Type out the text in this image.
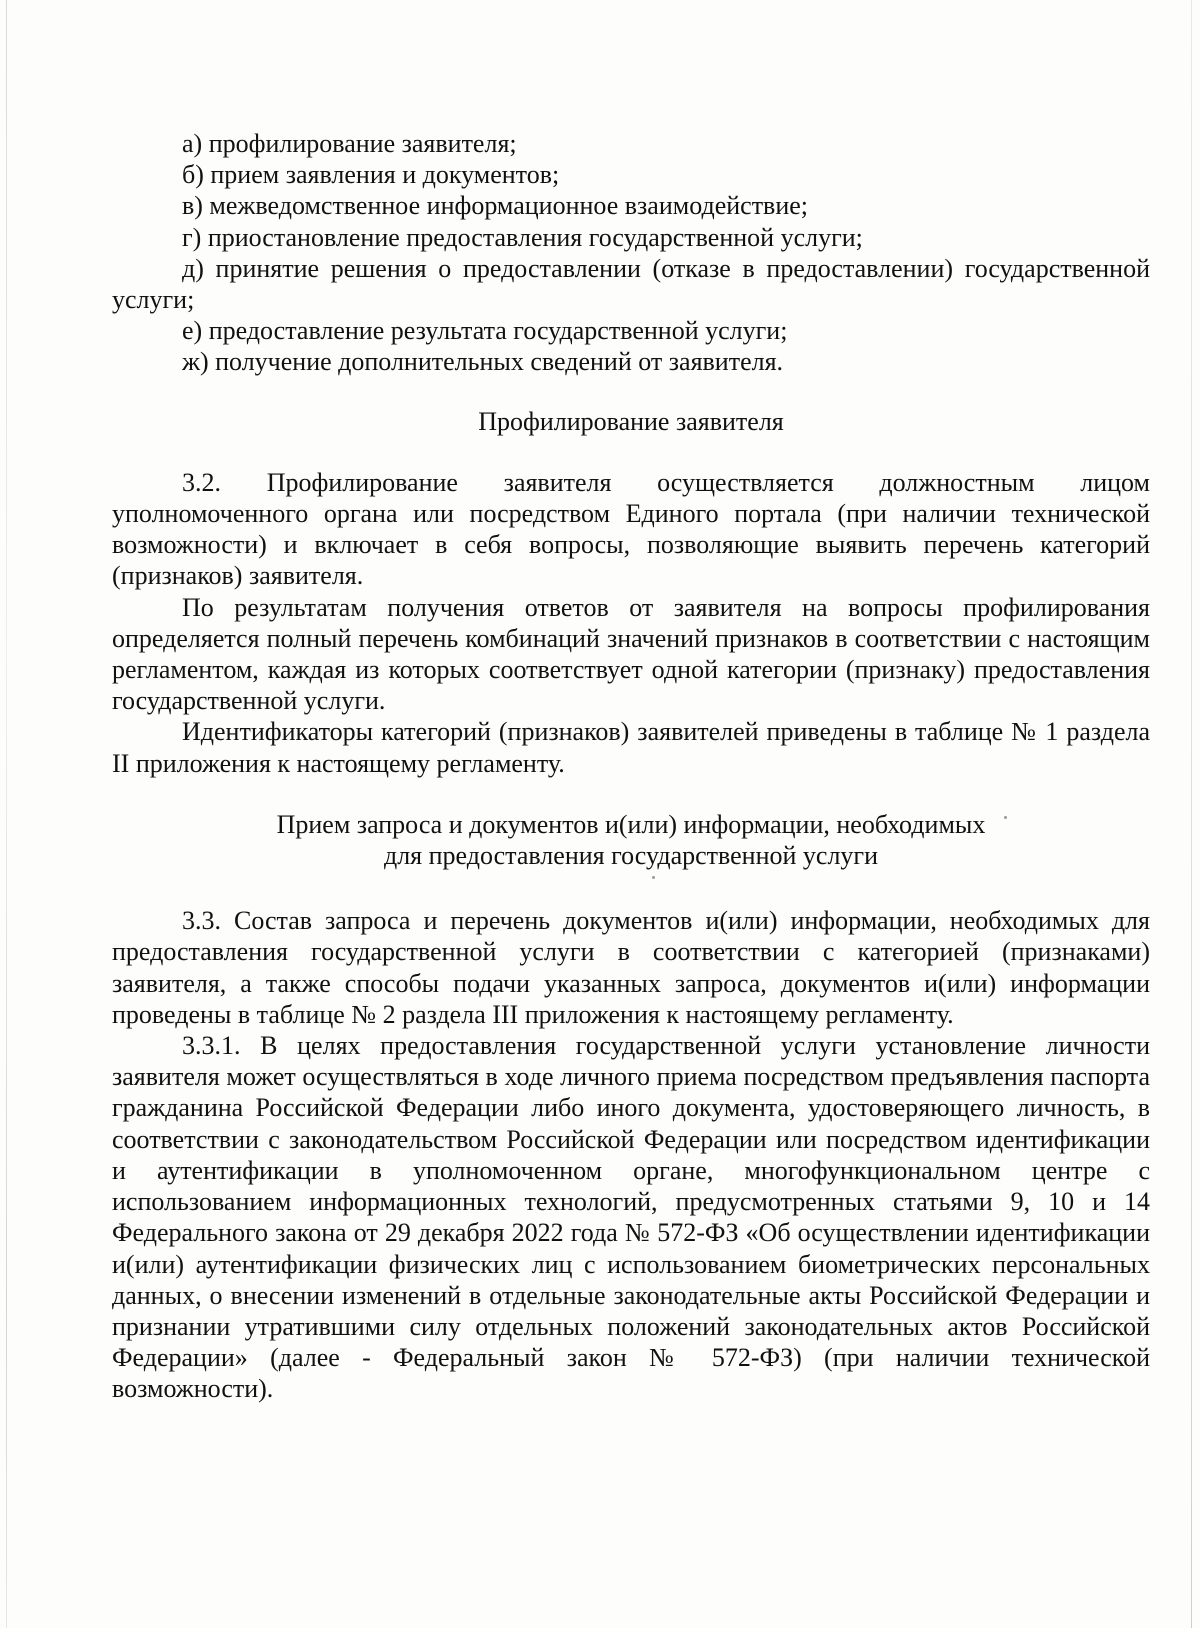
а) профилирование заявителя;

б) прием заявления и документов;

в) межведомственное информационное взаимодействие;

г) приостановление предоставления государственной услуги;

д) принятие решения о предоставлении (отказе в предоставлении) государственной услуги;

е) предоставление результата государственной услуги;

ж) получение дополнительных сведений от заявителя.

Профилирование заявителя

3.2. Профилирование заявителя осуществляется должностным лицом уполномоченного органа или посредством Единого портала (при наличии технической возможности) и включает в себя вопросы, позволяющие выявить перечень категорий (признаков) заявителя.

По результатам получения ответов от заявителя на вопросы профилирования определяется полный перечень комбинаций значений признаков в соответствии с настоящим регламентом, каждая из которых соответствует одной категории (признаку) предоставления государственной услуги.

Идентификаторы категорий (признаков) заявителей приведены в таблице № 1 раздела II приложения к настоящему регламенту.

Прием запроса и документов и(или) информации, необходимых
для предоставления государственной услуги

3.3. Состав запроса и перечень документов и(или) информации, необходимых для предоставления государственной услуги в соответствии с категорией (признаками) заявителя, а также способы подачи указанных запроса, документов и(или) информации проведены в таблице № 2 раздела III приложения к настоящему регламенту.

3.3.1. В целях предоставления государственной услуги установление личности заявителя может осуществляться в ходе личного приема посредством предъявления паспорта гражданина Российской Федерации либо иного документа, удостоверяющего личность, в соответствии с законодательством Российской Федерации или посредством идентификации и аутентификации в уполномоченном органе, многофункциональном центре с использованием информационных технологий, предусмотренных статьями 9, 10 и 14 Федерального закона от 29 декабря 2022 года № 572-ФЗ «Об осуществлении идентификации и(или) аутентификации физических лиц с использованием биометрических персональных данных, о внесении изменений в отдельные законодательные акты Российской Федерации и признании утратившими силу отдельных положений законодательных актов Российской Федерации» (далее - Федеральный закон № 572-ФЗ) (при наличии технической возможности).
